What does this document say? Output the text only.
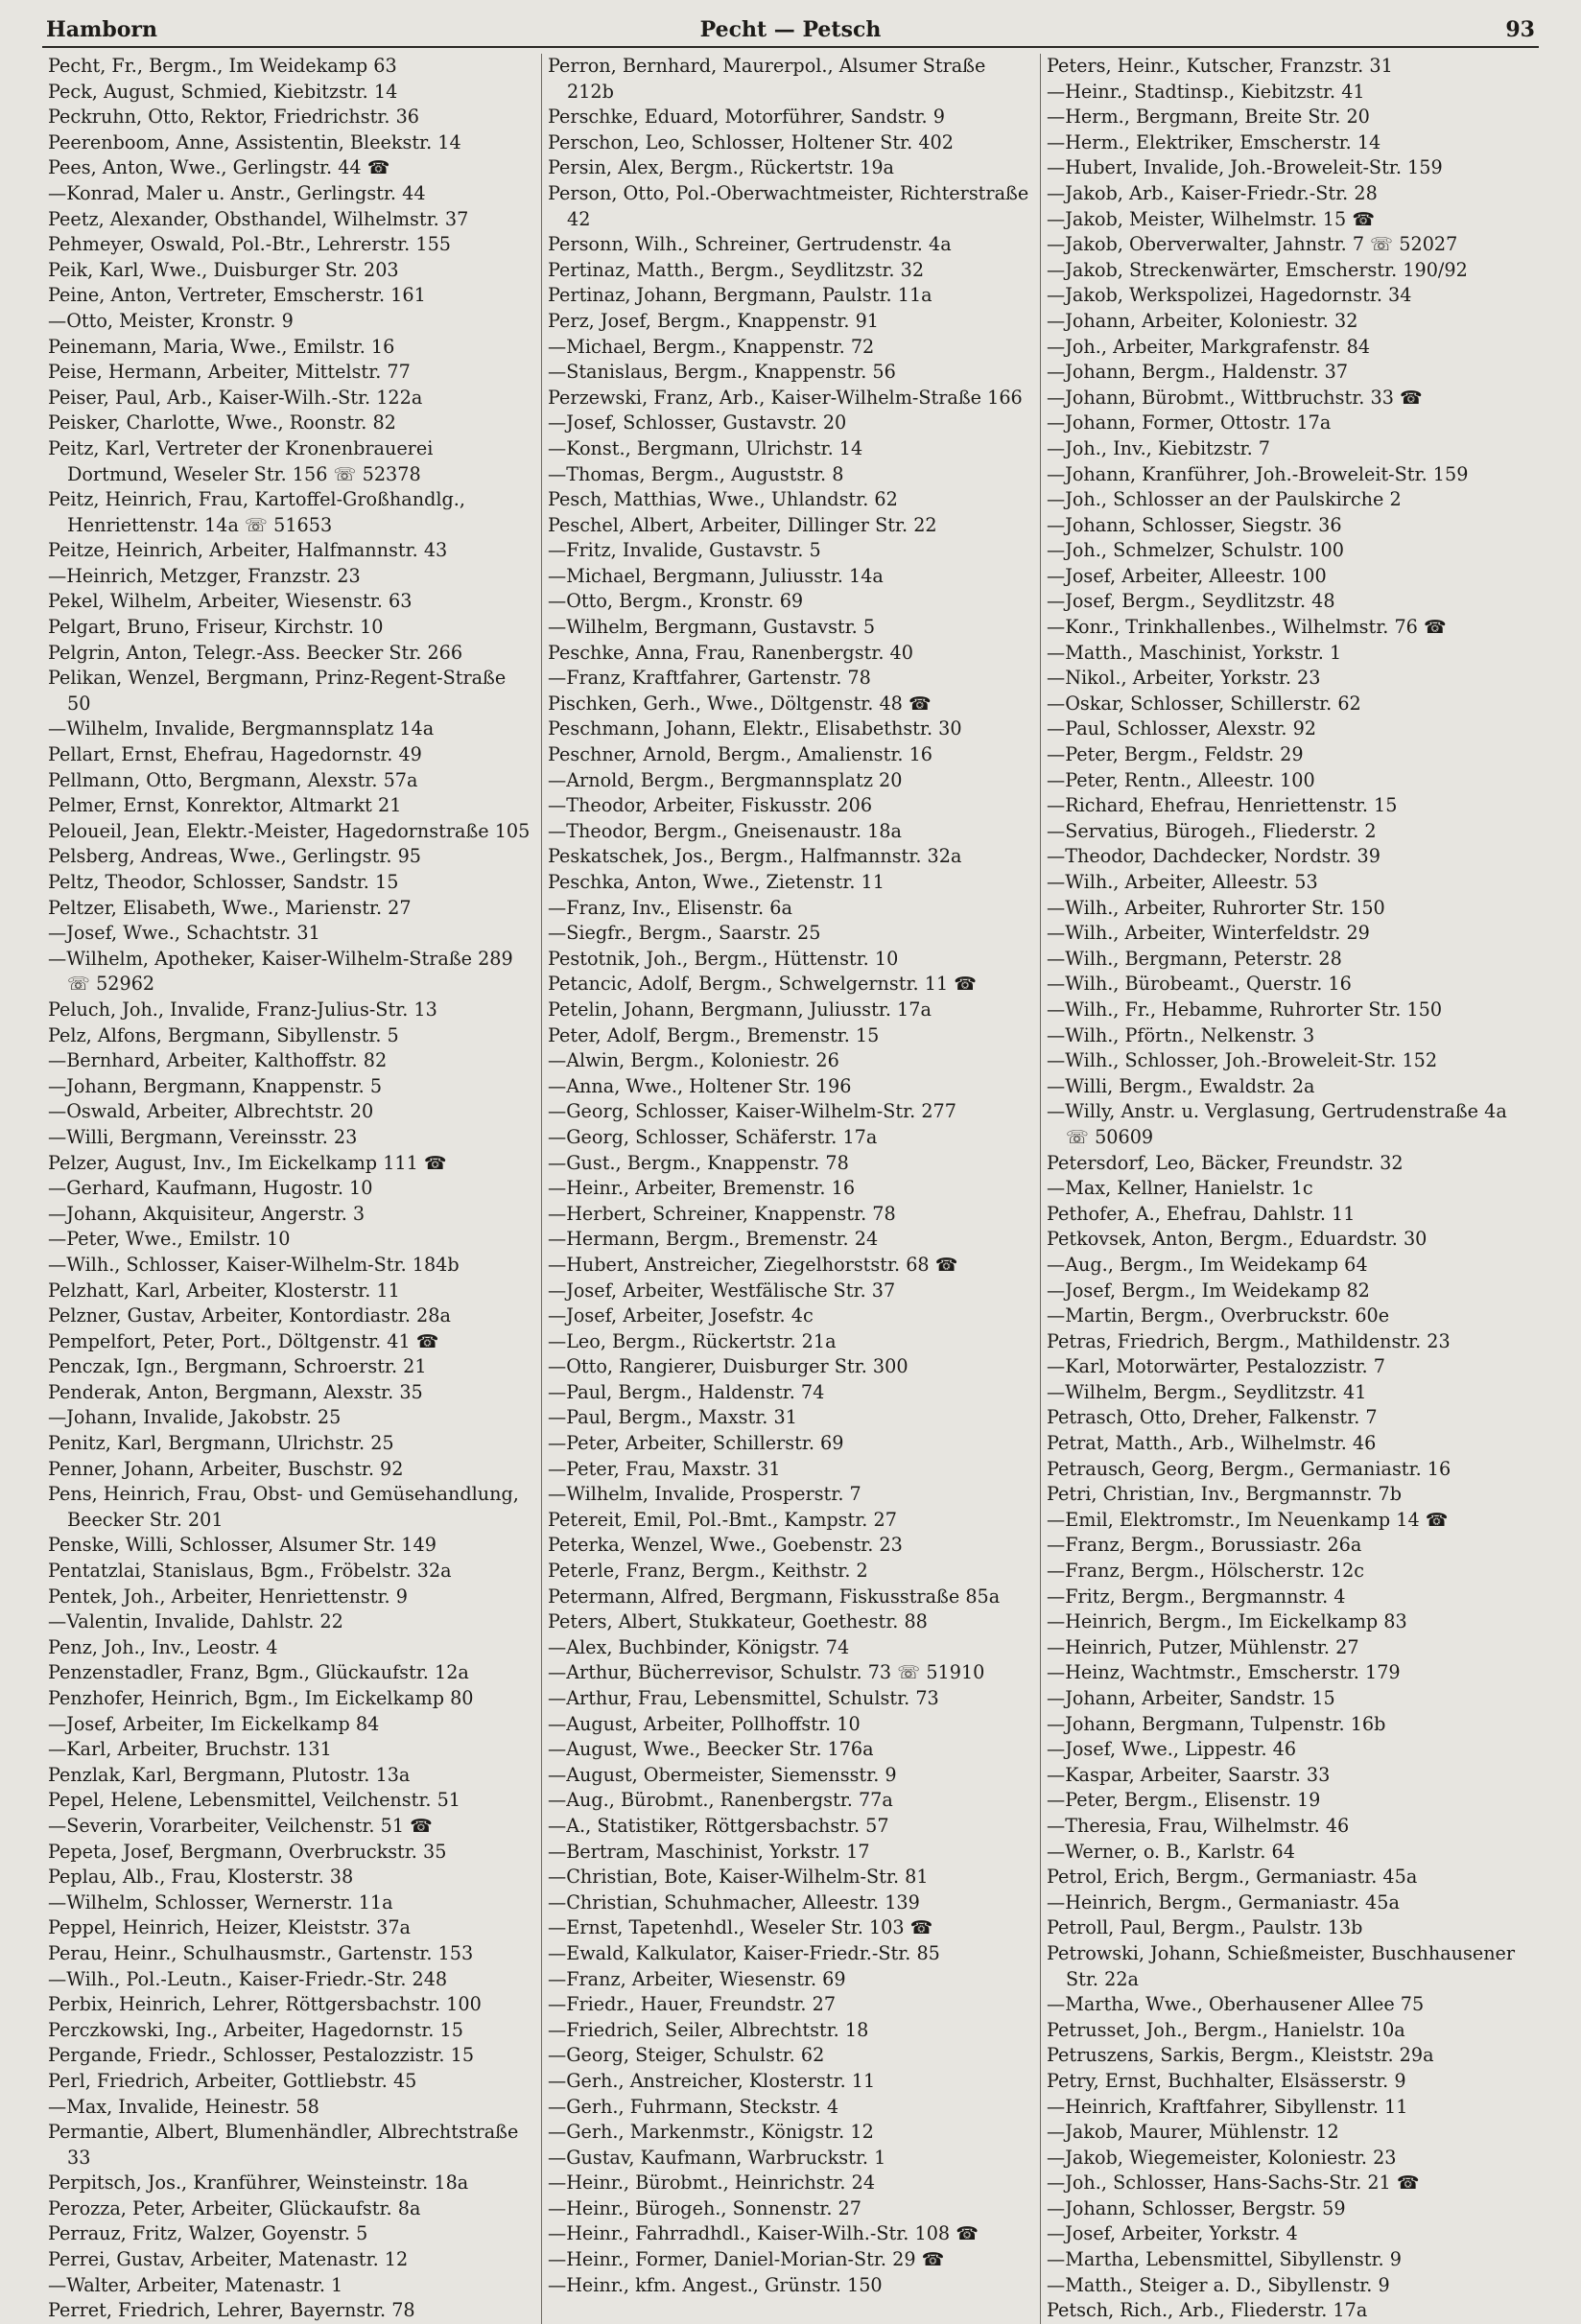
Hamborn	Pecht — Petsch	93
Pecht, Fr., Bergm., Im Weidekamp 63
Peck, August, Schmied, Kiebitzstr. 14
Peckruhn, Otto, Rektor, Friedrichstr. 36
Peerenboom, Anne, Assistentin, Bleekstr. 14
Pees, Anton, Wwe., Gerlingstr. 44 ☎
—Konrad, Maler u. Anstr., Gerlingstr. 44
Peetz, Alexander, Obsthandel, Wilhelmstr. 37
Pehmeyer, Oswald, Pol.-Btr., Lehrerstr. 155
Peik, Karl, Wwe., Duisburger Str. 203
Peine, Anton, Vertreter, Emscherstr. 161
—Otto, Meister, Kronstr. 9
Peinemann, Maria, Wwe., Emilstr. 16
Peise, Hermann, Arbeiter, Mittelstr. 77
Peiser, Paul, Arb., Kaiser-Wilh.-Str. 122a
Peisker, Charlotte, Wwe., Roonstr. 82
Peitz, Karl, Vertreter der Kronenbrauerei Dortmund, Weseler Str. 156 ☏ 52378
Peitz, Heinrich, Frau, Kartoffel-Großhandlg., Henriettenstr. 14a ☏ 51653
Peitze, Heinrich, Arbeiter, Halfmannstr. 43
—Heinrich, Metzger, Franzstr. 23
Pekel, Wilhelm, Arbeiter, Wiesenstr. 63
Pelgart, Bruno, Friseur, Kirchstr. 10
Pelgrin, Anton, Telegr.-Ass. Beecker Str. 266
Pelikan, Wenzel, Bergmann, Prinz-Regent-Straße 50
—Wilhelm, Invalide, Bergmannsplatz 14a
Pellart, Ernst, Ehefrau, Hagedornstr. 49
Pellmann, Otto, Bergmann, Alexstr. 57a
Pelmer, Ernst, Konrektor, Altmarkt 21
Peloueil, Jean, Elektr.-Meister, Hagedornstraße 105
Pelsberg, Andreas, Wwe., Gerlingstr. 95
Peltz, Theodor, Schlosser, Sandstr. 15
Peltzer, Elisabeth, Wwe., Marienstr. 27
—Josef, Wwe., Schachtstr. 31
—Wilhelm, Apotheker, Kaiser-Wilhelm-Straße 289 ☏ 52962
Peluch, Joh., Invalide, Franz-Julius-Str. 13
Pelz, Alfons, Bergmann, Sibyllenstr. 5
—Bernhard, Arbeiter, Kalthoffstr. 82
—Johann, Bergmann, Knappenstr. 5
—Oswald, Arbeiter, Albrechtstr. 20
—Willi, Bergmann, Vereinsstr. 23
Pelzer, August, Inv., Im Eickelkamp 111 ☎
—Gerhard, Kaufmann, Hugostr. 10
—Johann, Akquisiteur, Angerstr. 3
—Peter, Wwe., Emilstr. 10
—Wilh., Schlosser, Kaiser-Wilhelm-Str. 184b
Pelzhatt, Karl, Arbeiter, Klosterstr. 11
Pelzner, Gustav, Arbeiter, Kontordiastr. 28a
Pempelfort, Peter, Port., Döltgenstr. 41 ☎
Penczak, Ign., Bergmann, Schroerstr. 21
Penderak, Anton, Bergmann, Alexstr. 35
—Johann, Invalide, Jakobstr. 25
Penitz, Karl, Bergmann, Ulrichstr. 25
Penner, Johann, Arbeiter, Buschstr. 92
Pens, Heinrich, Frau, Obst- und Gemüsehandlung, Beecker Str. 201
Penske, Willi, Schlosser, Alsumer Str. 149
Pentatzlai, Stanislaus, Bgm., Fröbelstr. 32a
Pentek, Joh., Arbeiter, Henriettenstr. 9
—Valentin, Invalide, Dahlstr. 22
Penz, Joh., Inv., Leostr. 4
Penzenstadler, Franz, Bgm., Glückaufstr. 12a
Penzhofer, Heinrich, Bgm., Im Eickelkamp 80
—Josef, Arbeiter, Im Eickelkamp 84
—Karl, Arbeiter, Bruchstr. 131
Penzlak, Karl, Bergmann, Plutostr. 13a
Pepel, Helene, Lebensmittel, Veilchenstr. 51
—Severin, Vorarbeiter, Veilchenstr. 51 ☎
Pepeta, Josef, Bergmann, Overbruckstr. 35
Peplau, Alb., Frau, Klosterstr. 38
—Wilhelm, Schlosser, Wernerstr. 11a
Peppel, Heinrich, Heizer, Kleiststr. 37a
Perau, Heinr., Schulhausmstr., Gartenstr. 153
—Wilh., Pol.-Leutn., Kaiser-Friedr.-Str. 248
Perbix, Heinrich, Lehrer, Röttgersbachstr. 100
Perczkowski, Ing., Arbeiter, Hagedornstr. 15
Pergande, Friedr., Schlosser, Pestalozzistr. 15
Perl, Friedrich, Arbeiter, Gottliebstr. 45
—Max, Invalide, Heinestr. 58
Permantie, Albert, Blumenhändler, Albrechtstraße 33
Perpitsch, Jos., Kranführer, Weinsteinstr. 18a
Perozza, Peter, Arbeiter, Glückaufstr. 8a
Perrauz, Fritz, Walzer, Goyenstr. 5
Perrei, Gustav, Arbeiter, Matenastr. 12
—Walter, Arbeiter, Matenastr. 1
Perret, Friedrich, Lehrer, Bayernstr. 78
Perron, Bernhard, Maurerpol., Alsumer Straße 212b
Perschke, Eduard, Motorführer, Sandstr. 9
Perschon, Leo, Schlosser, Holtener Str. 402
Persin, Alex, Bergm., Rückertstr. 19a
Person, Otto, Pol.-Oberwachtmeister, Richterstraße 42
Personn, Wilh., Schreiner, Gertrudenstr. 4a
Pertinaz, Matth., Bergm., Seydlitzstr. 32
Pertinaz, Johann, Bergmann, Paulstr. 11a
Perz, Josef, Bergm., Knappenstr. 91
—Michael, Bergm., Knappenstr. 72
—Stanislaus, Bergm., Knappenstr. 56
Perzewski, Franz, Arb., Kaiser-Wilhelm-Straße 166
—Josef, Schlosser, Gustavstr. 20
—Konst., Bergmann, Ulrichstr. 14
—Thomas, Bergm., Auguststr. 8
Pesch, Matthias, Wwe., Uhlandstr. 62
Peschel, Albert, Arbeiter, Dillinger Str. 22
—Fritz, Invalide, Gustavstr. 5
—Michael, Bergmann, Juliusstr. 14a
—Otto, Bergm., Kronstr. 69
—Wilhelm, Bergmann, Gustavstr. 5
Peschke, Anna, Frau, Ranenbergstr. 40
—Franz, Kraftfahrer, Gartenstr. 78
Pischken, Gerh., Wwe., Döltgenstr. 48 ☎
Peschmann, Johann, Elektr., Elisabethstr. 30
Peschner, Arnold, Bergm., Amalienstr. 16
—Arnold, Bergm., Bergmannsplatz 20
—Theodor, Arbeiter, Fiskusstr. 206
—Theodor, Bergm., Gneisenaustr. 18a
Peskatschek, Jos., Bergm., Halfmannstr. 32a
Peschka, Anton, Wwe., Zietenstr. 11
—Franz, Inv., Elisenstr. 6a
—Siegfr., Bergm., Saarstr. 25
Pestotnik, Joh., Bergm., Hüttenstr. 10
Petancic, Adolf, Bergm., Schwelgernstr. 11 ☎
Petelin, Johann, Bergmann, Juliusstr. 17a
Peter, Adolf, Bergm., Bremenstr. 15
—Alwin, Bergm., Koloniestr. 26
—Anna, Wwe., Holtener Str. 196
—Georg, Schlosser, Kaiser-Wilhelm-Str. 277
—Georg, Schlosser, Schäferstr. 17a
—Gust., Bergm., Knappenstr. 78
—Heinr., Arbeiter, Bremenstr. 16
—Herbert, Schreiner, Knappenstr. 78
—Hermann, Bergm., Bremenstr. 24
—Hubert, Anstreicher, Ziegelhorststr. 68 ☎
—Josef, Arbeiter, Westfälische Str. 37
—Josef, Arbeiter, Josefstr. 4c
—Leo, Bergm., Rückertstr. 21a
—Otto, Rangierer, Duisburger Str. 300
—Paul, Bergm., Haldenstr. 74
—Paul, Bergm., Maxstr. 31
—Peter, Arbeiter, Schillerstr. 69
—Peter, Frau, Maxstr. 31
—Wilhelm, Invalide, Prosperstr. 7
Petereit, Emil, Pol.-Bmt., Kampstr. 27
Peterka, Wenzel, Wwe., Goebenstr. 23
Peterle, Franz, Bergm., Keithstr. 2
Petermann, Alfred, Bergmann, Fiskusstraße 85a
Peters, Albert, Stukkateur, Goethestr. 88
—Alex, Buchbinder, Königstr. 74
—Arthur, Bücherrevisor, Schulstr. 73 ☏ 51910
—Arthur, Frau, Lebensmittel, Schulstr. 73
—August, Arbeiter, Pollhoffstr. 10
—August, Wwe., Beecker Str. 176a
—August, Obermeister, Siemensstr. 9
—Aug., Bürobmt., Ranenbergstr. 77a
—A., Statistiker, Röttgersbachstr. 57
—Bertram, Maschinist, Yorkstr. 17
—Christian, Bote, Kaiser-Wilhelm-Str. 81
—Christian, Schuhmacher, Alleestr. 139
—Ernst, Tapetenhdl., Weseler Str. 103 ☎
—Ewald, Kalkulator, Kaiser-Friedr.-Str. 85
—Franz, Arbeiter, Wiesenstr. 69
—Friedr., Hauer, Freundstr. 27
—Friedrich, Seiler, Albrechtstr. 18
—Georg, Steiger, Schulstr. 62
—Gerh., Anstreicher, Klosterstr. 11
—Gerh., Fuhrmann, Steckstr. 4
—Gerh., Markenmstr., Königstr. 12
—Gustav, Kaufmann, Warbruckstr. 1
—Heinr., Bürobmt., Heinrichstr. 24
—Heinr., Bürogeh., Sonnenstr. 27
—Heinr., Fahrradhdl., Kaiser-Wilh.-Str. 108 ☎
—Heinr., Former, Daniel-Morian-Str. 29 ☎
—Heinr., kfm. Angest., Grünstr. 150
Peters, Heinr., Kutscher, Franzstr. 31
—Heinr., Stadtinsp., Kiebitzstr. 41
—Herm., Bergmann, Breite Str. 20
—Herm., Elektriker, Emscherstr. 14
—Hubert, Invalide, Joh.-Broweleit-Str. 159
—Jakob, Arb., Kaiser-Friedr.-Str. 28
—Jakob, Meister, Wilhelmstr. 15 ☎
—Jakob, Oberverwalter, Jahnstr. 7 ☏ 52027
—Jakob, Streckenwärter, Emscherstr. 190/92
—Jakob, Werkspolizei, Hagedornstr. 34
—Johann, Arbeiter, Koloniestr. 32
—Joh., Arbeiter, Markgrafenstr. 84
—Johann, Bergm., Haldenstr. 37
—Johann, Bürobmt., Wittbruchstr. 33 ☎
—Johann, Former, Ottostr. 17a
—Joh., Inv., Kiebitzstr. 7
—Johann, Kranführer, Joh.-Broweleit-Str. 159
—Joh., Schlosser an der Paulskirche 2
—Johann, Schlosser, Siegstr. 36
—Joh., Schmelzer, Schulstr. 100
—Josef, Arbeiter, Alleestr. 100
—Josef, Bergm., Seydlitzstr. 48
—Konr., Trinkhallenbes., Wilhelmstr. 76 ☎
—Matth., Maschinist, Yorkstr. 1
—Nikol., Arbeiter, Yorkstr. 23
—Oskar, Schlosser, Schillerstr. 62
—Paul, Schlosser, Alexstr. 92
—Peter, Bergm., Feldstr. 29
—Peter, Rentn., Alleestr. 100
—Richard, Ehefrau, Henriettenstr. 15
—Servatius, Bürogeh., Fliederstr. 2
—Theodor, Dachdecker, Nordstr. 39
—Wilh., Arbeiter, Alleestr. 53
—Wilh., Arbeiter, Ruhrorter Str. 150
—Wilh., Arbeiter, Winterfeldstr. 29
—Wilh., Bergmann, Peterstr. 28
—Wilh., Bürobeamt., Querstr. 16
—Wilh., Fr., Hebamme, Ruhrorter Str. 150
—Wilh., Pförtn., Nelkenstr. 3
—Wilh., Schlosser, Joh.-Broweleit-Str. 152
—Willi, Bergm., Ewaldstr. 2a
—Willy, Anstr. u. Verglasung, Gertrudenstraße 4a ☏ 50609
Petersdorf, Leo, Bäcker, Freundstr. 32
—Max, Kellner, Hanielstr. 1c
Pethofer, A., Ehefrau, Dahlstr. 11
Petkovsek, Anton, Bergm., Eduardstr. 30
—Aug., Bergm., Im Weidekamp 64
—Josef, Bergm., Im Weidekamp 82
—Martin, Bergm., Overbruckstr. 60e
Petras, Friedrich, Bergm., Mathildenstr. 23
—Karl, Motorwärter, Pestalozzistr. 7
—Wilhelm, Bergm., Seydlitzstr. 41
Petrasch, Otto, Dreher, Falkenstr. 7
Petrat, Matth., Arb., Wilhelmstr. 46
Petrausch, Georg, Bergm., Germaniastr. 16
Petri, Christian, Inv., Bergmannstr. 7b
—Emil, Elektromstr., Im Neuenkamp 14 ☎
—Franz, Bergm., Borussiastr. 26a
—Franz, Bergm., Hölscherstr. 12c
—Fritz, Bergm., Bergmannstr. 4
—Heinrich, Bergm., Im Eickelkamp 83
—Heinrich, Putzer, Mühlenstr. 27
—Heinz, Wachtmstr., Emscherstr. 179
—Johann, Arbeiter, Sandstr. 15
—Johann, Bergmann, Tulpenstr. 16b
—Josef, Wwe., Lippestr. 46
—Kaspar, Arbeiter, Saarstr. 33
—Peter, Bergm., Elisenstr. 19
—Theresia, Frau, Wilhelmstr. 46
—Werner, o. B., Karlstr. 64
Petrol, Erich, Bergm., Germaniastr. 45a
—Heinrich, Bergm., Germaniastr. 45a
Petroll, Paul, Bergm., Paulstr. 13b
Petrowski, Johann, Schießmeister, Buschhausener Str. 22a
—Martha, Wwe., Oberhausener Allee 75
Petrusset, Joh., Bergm., Hanielstr. 10a
Petruszens, Sarkis, Bergm., Kleiststr. 29a
Petry, Ernst, Buchhalter, Elsässerstr. 9
—Heinrich, Kraftfahrer, Sibyllenstr. 11
—Jakob, Maurer, Mühlenstr. 12
—Jakob, Wiegemeister, Koloniestr. 23
—Joh., Schlosser, Hans-Sachs-Str. 21 ☎
—Johann, Schlosser, Bergstr. 59
—Josef, Arbeiter, Yorkstr. 4
—Martha, Lebensmittel, Sibyllenstr. 9
—Matth., Steiger a. D., Sibyllenstr. 9
Petsch, Rich., Arb., Fliederstr. 17a
